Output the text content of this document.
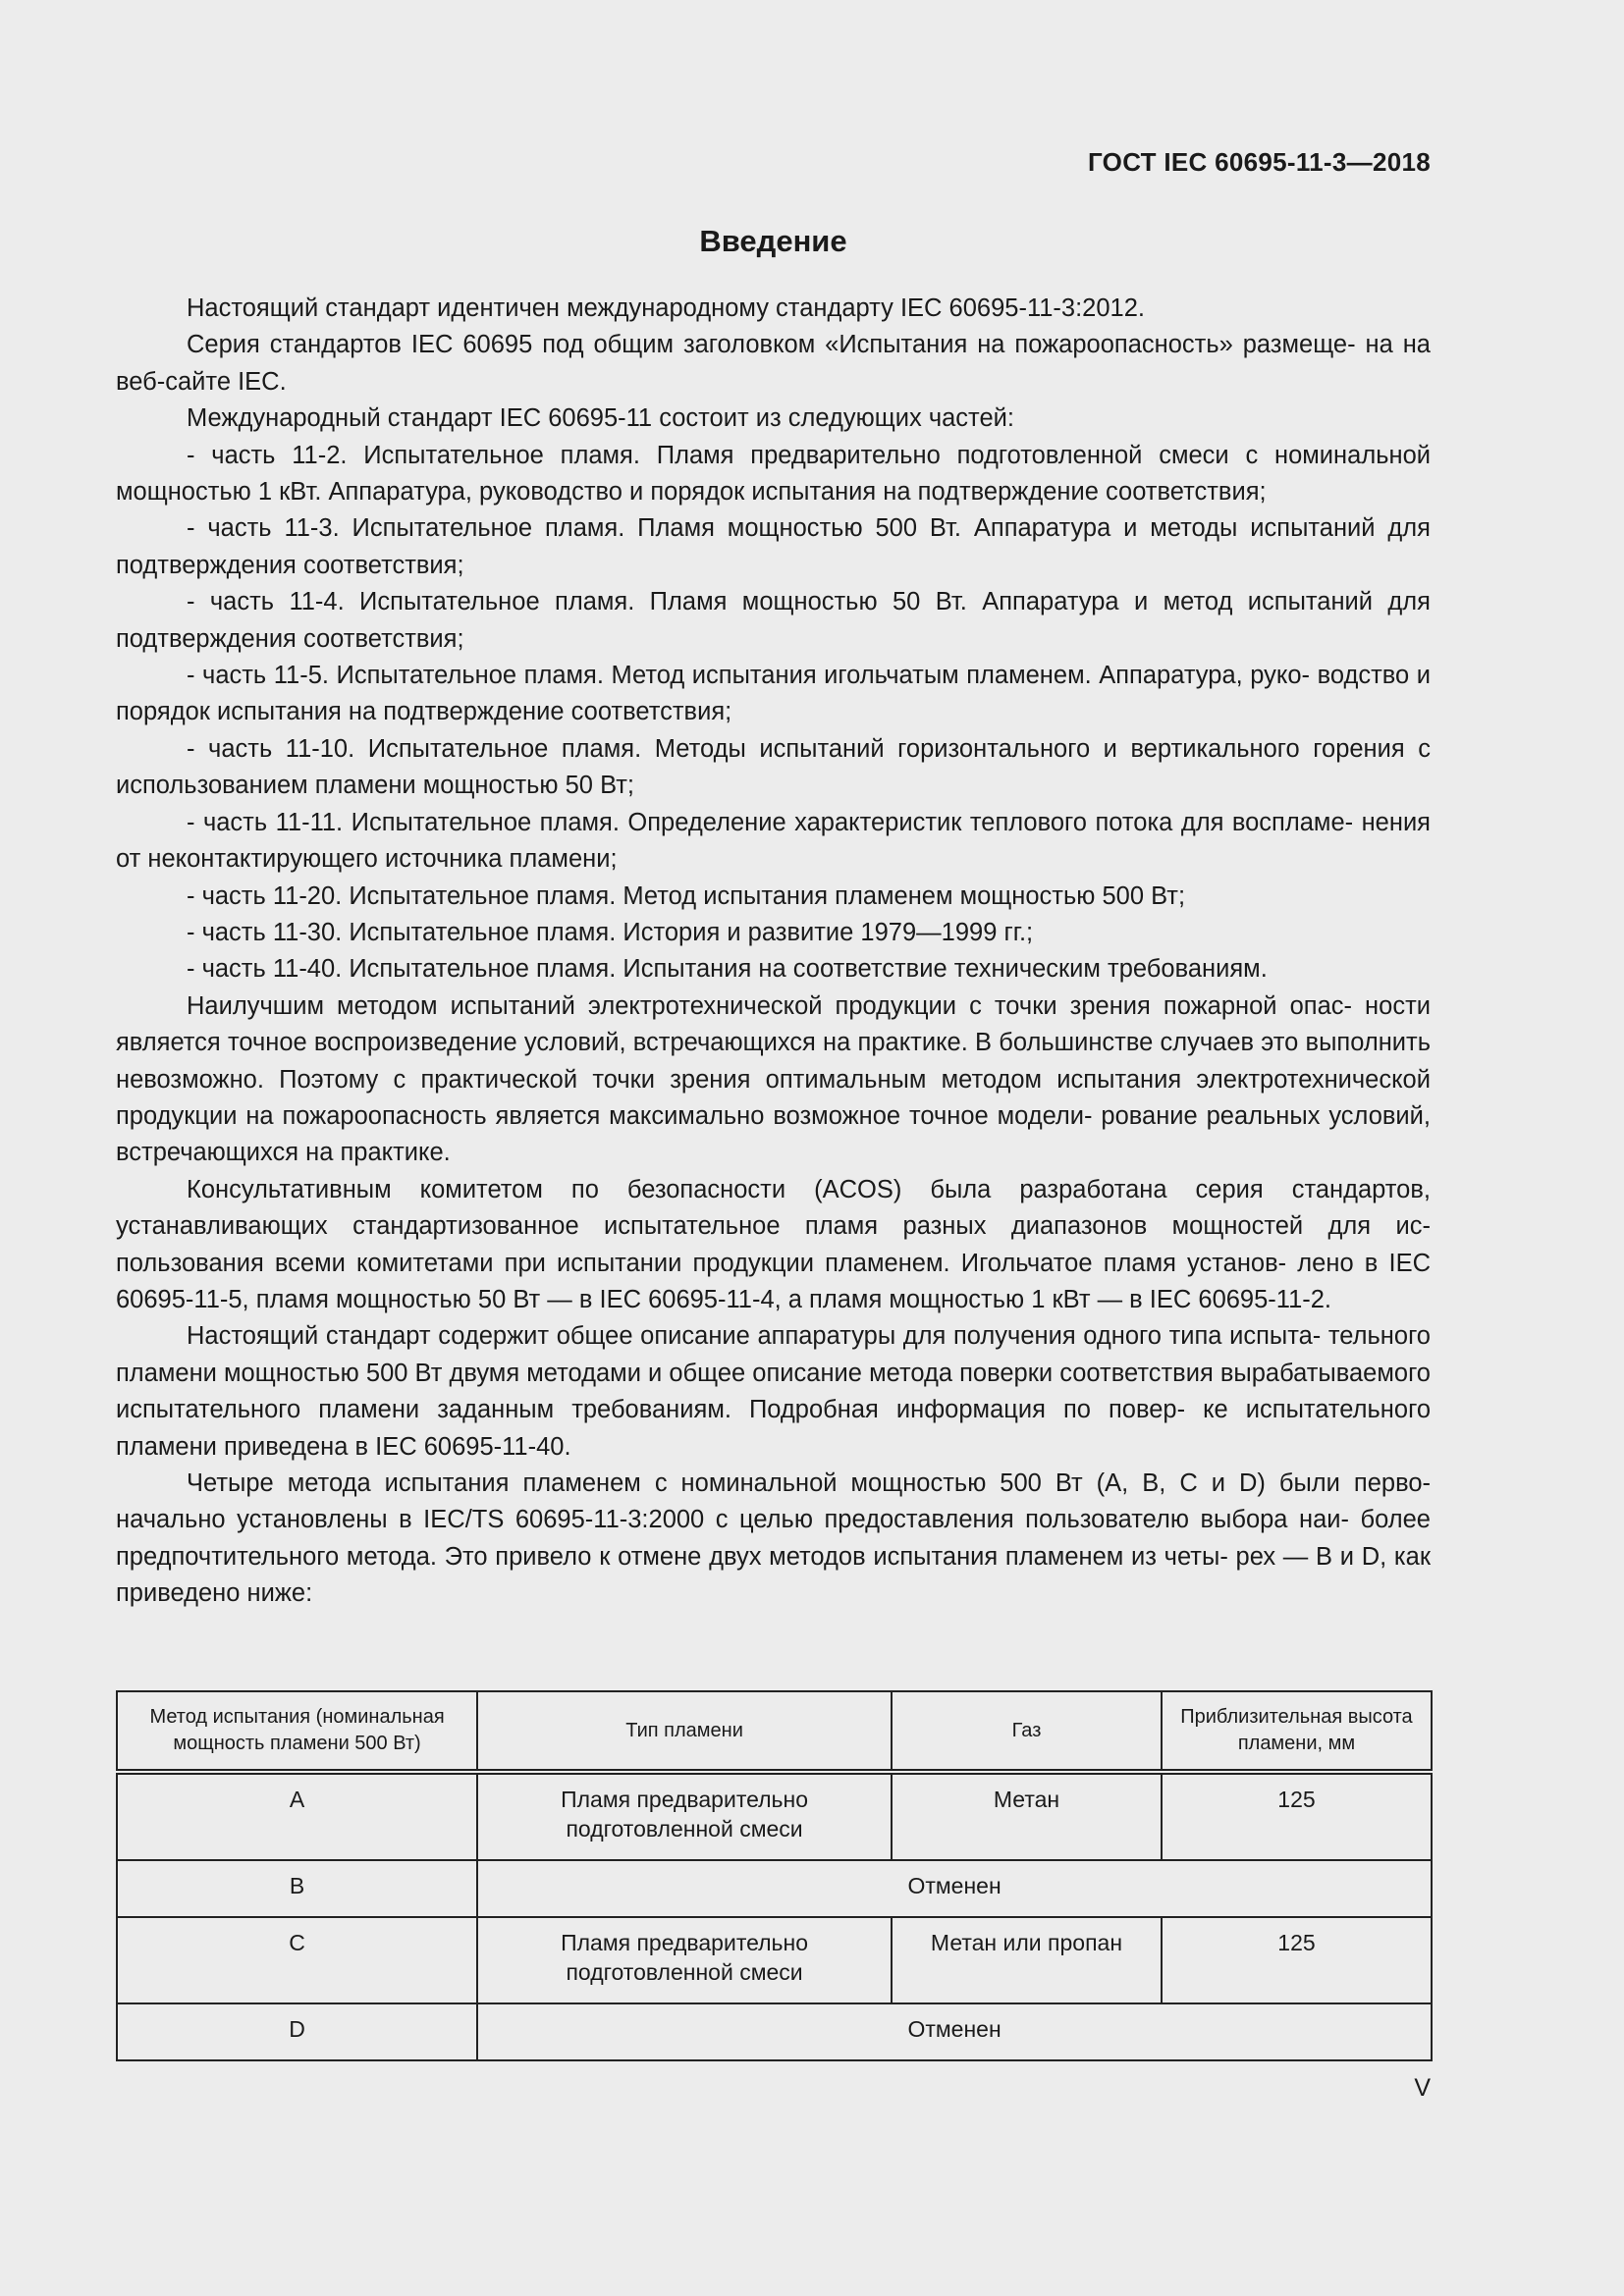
ГОСТ IEC 60695-11-3—2018
Введение

Настоящий стандарт идентичен международному стандарту IEC 60695-11-3:2012.

Серия стандартов IEC 60695 под общим заголовком «Испытания на пожароопасность» размеще- на на веб-сайте IEC.

Международный стандарт IEC 60695-11 состоит из следующих частей:

- часть 11-2. Испытательное пламя. Пламя предварительно подготовленной смеси с номинальной мощностью 1 кВт. Аппаратура, руководство и порядок испытания на подтверждение соответствия;

- часть 11-3. Испытательное пламя. Пламя мощностью 500 Вт. Аппаратура и методы испытаний для подтверждения соответствия;

- часть 11-4. Испытательное пламя. Пламя мощностью 50 Вт. Аппаратура и метод испытаний для подтверждения соответствия;

- часть 11-5. Испытательное пламя. Метод испытания игольчатым пламенем. Аппаратура, руко- водство и порядок испытания на подтверждение соответствия;

- часть 11-10. Испытательное пламя. Методы испытаний горизонтального и вертикального горения с использованием пламени мощностью 50 Вт;

- часть 11-11. Испытательное пламя. Определение характеристик теплового потока для воспламе- нения от неконтактирующего источника пламени;

- часть 11-20. Испытательное пламя. Метод испытания пламенем мощностью 500 Вт;

- часть 11-30. Испытательное пламя. История и развитие 1979—1999 гг.;

- часть 11-40. Испытательное пламя. Испытания на соответствие техническим требованиям.

Наилучшим методом испытаний электротехнической продукции с точки зрения пожарной опас- ности является точное воспроизведение условий, встречающихся на практике. В большинстве случаев это выполнить невозможно. Поэтому с практической точки зрения оптимальным методом испытания электротехнической продукции на пожароопасность является максимально возможное точное модели- рование реальных условий, встречающихся на практике.

Консультативным комитетом по безопасности (ACOS) была разработана серия стандартов, устанавливающих стандартизованное испытательное пламя разных диапазонов мощностей для ис- пользования всеми комитетами при испытании продукции пламенем. Игольчатое пламя установ- лено в IEC 60695-11-5, пламя мощностью 50 Вт — в IEC 60695-11-4, а пламя мощностью 1 кВт — в IEC 60695-11-2.

Настоящий стандарт содержит общее описание аппаратуры для получения одного типа испыта- тельного пламени мощностью 500 Вт двумя методами и общее описание метода поверки соответствия вырабатываемого испытательного пламени заданным требованиям. Подробная информация по повер- ке испытательного пламени приведена в IEC 60695-11-40.

Четыре метода испытания пламенем с номинальной мощностью 500 Вт (A, B, C и D) были перво- начально установлены в IEC/TS 60695-11-3:2000 с целью предоставления пользователю выбора наи- более предпочтительного метода. Это привело к отмене двух методов испытания пламенем из четы- рех — B и D, как приведено ниже:

Метод испытания (номинальная мощность пламени 500 Вт)	Тип пламени	Газ	Приблизительная высота пламени, мм
A	Пламя предварительно подготовленной смеси	Метан	125
B	Отменен		
C	Пламя предварительно подготовленной смеси	Метан или пропан	125
D	Отменен		
V
